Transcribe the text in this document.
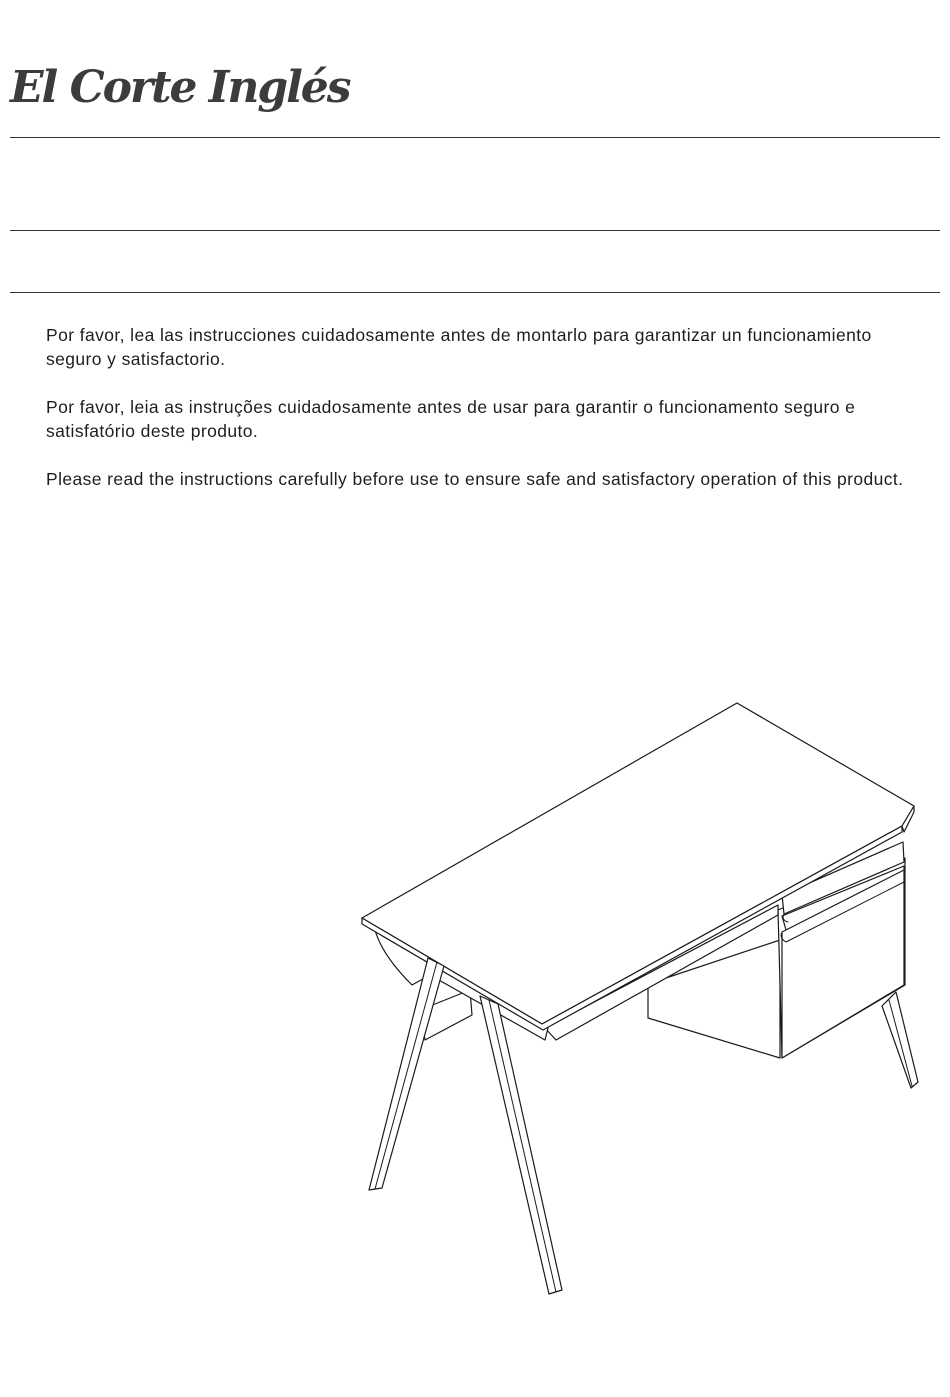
El Corte Inglés

Por favor, lea las instrucciones cuidadosamente antes de montarlo para garantizar un funcionamiento seguro y satisfactorio.

Por favor, leia as instruções cuidadosamente antes de usar para garantir o funcionamento seguro e satisfatório deste produto.

Please read the instructions carefully before use to ensure safe and satisfactory operation of this product.
